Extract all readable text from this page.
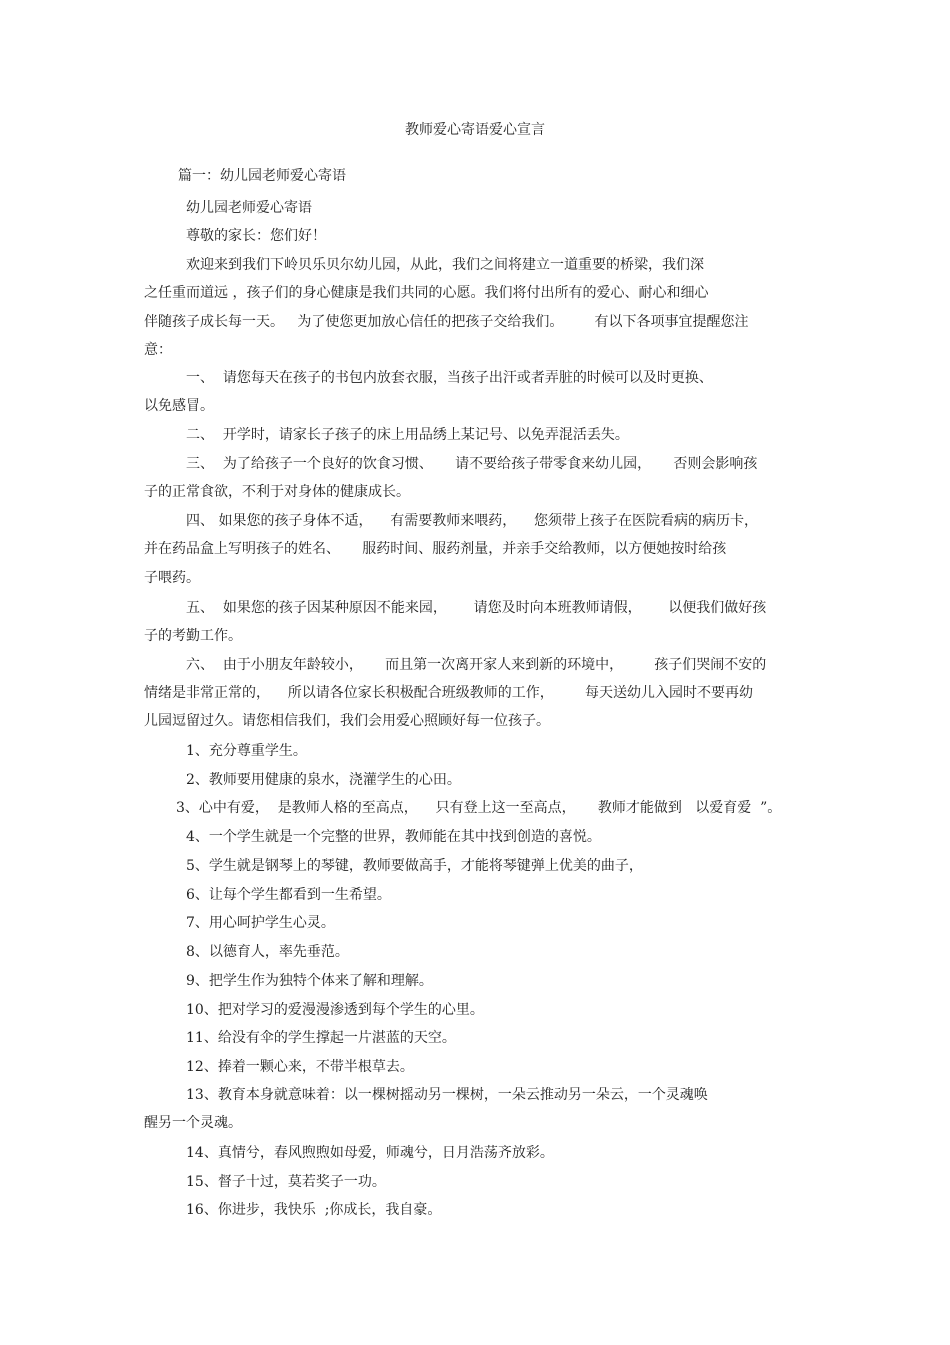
教师爱心寄语爱心宣言
篇一：幼儿园老师爱心寄语
幼儿园老师爱心寄语
尊敬的家长：您们好！
欢迎来到我们下岭贝乐贝尔幼儿园，从此，我们之间将建立一道重要的桥梁，我们深
之任重而道远 ，孩子们的身心健康是我们共同的心愿。我们将付出所有的爱心、耐心和细心
伴随孩子成长每一天。   为了使您更加放心信任的把孩子交给我们。       有以下各项事宜提醒您注
意：
一、  请您每天在孩子的书包内放套衣服，当孩子出汗或者弄脏的时候可以及时更换、
以免感冒。
二、  开学时，请家长子孩子的床上用品绣上某记号、以免弄混活丢失。
三、  为了给孩子一个良好的饮食习惯、     请不要给孩子带零食来幼儿园，     否则会影响孩
子的正常食欲，不利于对身体的健康成长。
四、 如果您的孩子身体不适，    有需要教师来喂药，    您须带上孩子在医院看病的病历卡，
并在药品盒上写明孩子的姓名、     服药时间、服药剂量，并亲手交给教师，以方便她按时给孩
子喂药。
五、  如果您的孩子因某种原因不能来园，      请您及时向本班教师请假，      以便我们做好孩
子的考勤工作。
六、  由于小朋友年龄较小，     而且第一次离开家人来到新的环境中，       孩子们哭闹不安的
情绪是非常正常的，    所以请各位家长积极配合班级教师的工作，       每天送幼儿入园时不要再幼
儿园逗留过久。请您相信我们，我们会用爱心照顾好每一位孩子。
1、充分尊重学生。
2、教师要用健康的泉水，浇灌学生的心田。
3、心中有爱，  是教师人格的至高点，    只有登上这一至高点，     教师才能做到   以爱育爱  ”。
4、一个学生就是一个完整的世界，教师能在其中找到创造的喜悦。
5、学生就是钢琴上的琴键，教师要做高手，才能将琴键弹上优美的曲子，
6、让每个学生都看到一生希望。
7、用心呵护学生心灵。
8、以德育人，率先垂范。
9、把学生作为独特个体来了解和理解。
10、把对学习的爱漫漫渗透到每个学生的心里。
11、给没有伞的学生撑起一片湛蓝的天空。
12、捧着一颗心来，不带半根草去。
13、教育本身就意味着：以一棵树摇动另一棵树，一朵云推动另一朵云，一个灵魂唤
醒另一个灵魂。
14、真情兮，春风煦煦如母爱，师魂兮，日月浩荡齐放彩。
15、督子十过，莫若奖子一功。
16、你进步，我快乐  ;你成长，我自豪。
